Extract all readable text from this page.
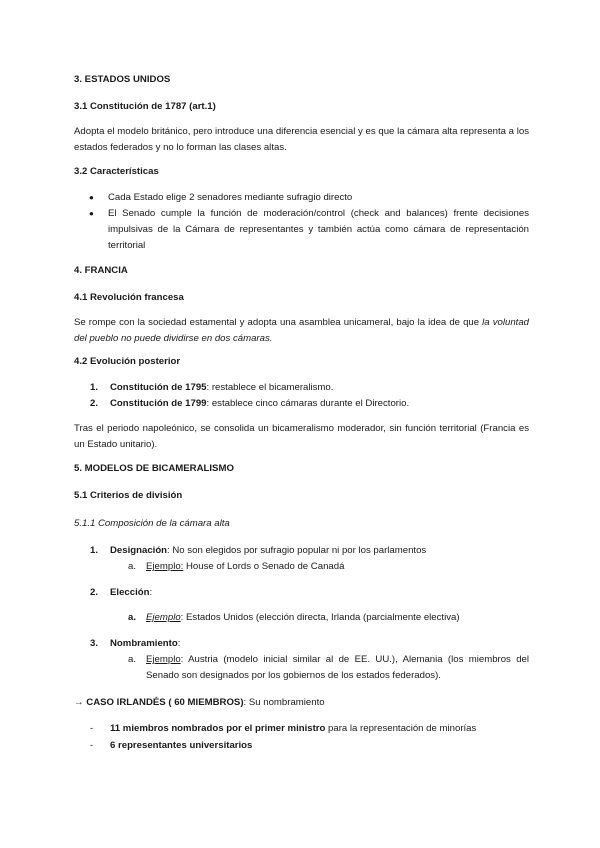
3. ESTADOS UNIDOS
3.1 Constitución de 1787 (art.1)
Adopta el modelo británico, pero introduce una diferencia esencial y es que la cámara alta representa a los estados federados y no lo forman las clases altas.
3.2 Características
● Cada Estado elige 2 senadores mediante sufragio directo
● El Senado cumple la función de moderación/control (check and balances) frente decisiones impulsivas de la Cámara de representantes y también actúa como cámara de representación territorial
4. FRANCIA
4.1 Revolución francesa
Se rompe con la sociedad estamental y adopta una asamblea unicameral, bajo la idea de que la voluntad del pueblo no puede dividirse en dos cámaras.
4.2 Evolución posterior
1. Constitución de 1795: restablece el bicameralismo.
2. Constitución de 1799: establece cinco cámaras durante el Directorio.
Tras el periodo napoleónico, se consolida un bicameralismo moderador, sin función territorial (Francia es un Estado unitario).
5. MODELOS DE BICAMERALISMO
5.1 Criterios de división
5.1.1 Composición de la cámara alta
1. Designación: No son elegidos por sufragio popular ni por los parlamentos
a. Ejemplo: House of Lords o Senado de Canadá
2. Elección:
a. Ejemplo: Estados Unidos (elección directa, Irlanda (parcialmente electiva)
3. Nombramiento:
a. Ejemplo: Austria (modelo inicial similar al de EE. UU.), Alemania (los miembros del Senado son designados por los gobiernos de los estados federados).
→ CASO IRLANDÉS ( 60 MIEMBROS): Su nombramiento
- 11 miembros nombrados por el primer ministro para la representación de minorías
- 6 representantes universitarios
